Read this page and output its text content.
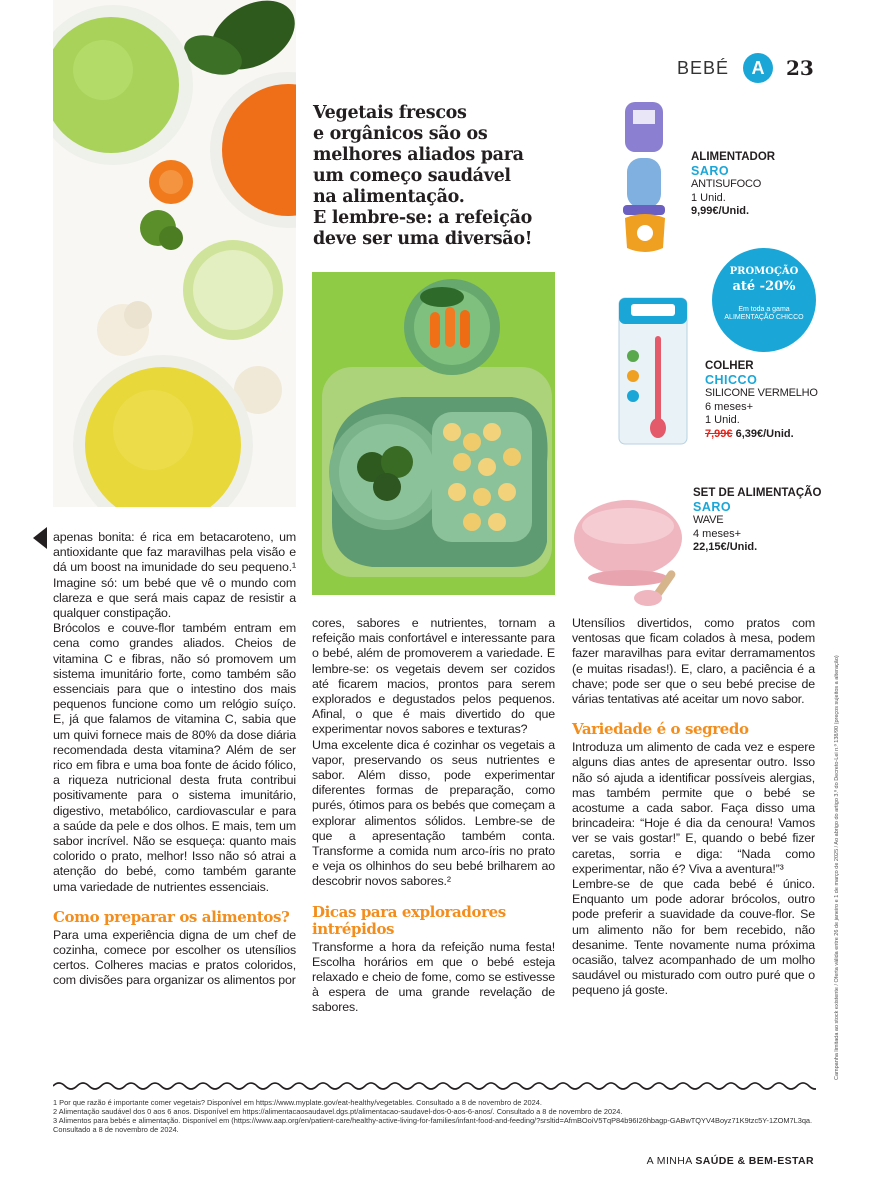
BEBÉ	A	23

Vegetais frescos

e orgânicos são os

melhores aliados para

um começo saudável

na alimentação.

E lembre-se: a refeição

deve ser uma diversão!

ALIMENTADOR
SARO
ANTISUFOCO
1 Unid.
9,99€/Unid.
PROMOÇÃO
até -20%
Em toda a gama ALIMENTAÇÃO CHICCO
COLHER
CHICCO
SILICONE VERMELHO
6 meses+
1 Unid.
7,99€ 6,39€/Unid.
SET DE ALIMENTAÇÃO
SARO
WAVE
4 meses+
22,15€/Unid.

apenas bonita: é rica em betacaroteno, um antioxidante que faz maravilhas pela visão e dá um boost na imunidade do seu pequeno.¹ Imagine só: um bebé que vê o mundo com clareza e que será mais capaz de resistir a qualquer constipação.

Brócolos e couve-flor também entram em cena como grandes aliados. Cheios de vitamina C e fibras, não só promovem um sistema imunitário forte, como também são essenciais para que o intestino dos mais pequenos funcione como um relógio suíço. E, já que falamos de vitamina C, sabia que um quivi fornece mais de 80% da dose diária recomendada desta vitamina? Além de ser rico em fibra e uma boa fonte de ácido fólico, a riqueza nutricional desta fruta contribui positivamente para o sistema imunitário, digestivo, metabólico, cardiovascular e para a saúde da pele e dos olhos. E mais, tem um sabor incrível. Não se esqueça: quanto mais colorido o prato, melhor! Isso não só atrai a atenção do bebé, como também garante uma variedade de nutrientes essenciais.

Como preparar os alimentos?

Para uma experiência digna de um chef de cozinha, comece por escolher os utensílios certos. Colheres macias e pratos coloridos, com divisões para organizar os alimentos por

cores, sabores e nutrientes, tornam a refeição mais confortável e interessante para o bebé, além de promoverem a variedade. E lembre-se: os vegetais devem ser cozidos até ficarem macios, prontos para serem explorados e degustados pelos pequenos. Afinal, o que é mais divertido do que experimentar novos sabores e texturas?

Uma excelente dica é cozinhar os vegetais a vapor, preservando os seus nutrientes e sabor. Além disso, pode experimentar diferentes formas de preparação, como purés, ótimos para os bebés que começam a explorar alimentos sólidos. Lembre-se de que a apresentação também conta. Transforme a comida num arco-íris no prato e veja os olhinhos do seu bebé brilharem ao descobrir novos sabores.²

Dicas para exploradores intrépidos

Transforme a hora da refeição numa festa! Escolha horários em que o bebé esteja relaxado e cheio de fome, como se estivesse à espera de uma grande revelação de sabores.

Utensílios divertidos, como pratos com ventosas que ficam colados à mesa, podem fazer maravilhas para evitar derramamentos (e muitas risadas!). E, claro, a paciência é a chave; pode ser que o seu bebé precise de várias tentativas até aceitar um novo sabor.

Variedade é o segredo

Introduza um alimento de cada vez e espere alguns dias antes de apresentar outro. Isso não só ajuda a identificar possíveis alergias, mas também permite que o bebé se acostume a cada sabor. Faça disso uma brincadeira: “Hoje é dia da cenoura! Vamos ver se vais gostar!” E, quando o bebé fizer caretas, sorria e diga: “Nada como experimentar, não é? Viva a aventura!”³

Lembre-se de que cada bebé é único. Enquanto um pode adorar brócolos, outro pode preferir a suavidade da couve-flor. Se um alimento não for bem recebido, não desanime. Tente novamente numa próxima ocasião, talvez acompanhado de um molho saudável ou misturado com outro puré que o pequeno já goste.

1 Por que razão é importante comer vegetais? Disponível em https://www.myplate.gov/eat-healthy/vegetables. Consultado a 8 de novembro de 2024.

2 Alimentação saudável dos 0 aos 6 anos. Disponível em https://alimentacaosaudavel.dgs.pt/alimentacao-saudavel-dos-0-aos-6-anos/. Consultado a 8 de novembro de 2024.

3 Alimentos para bebés e alimentação. Disponível em (https://www.aap.org/en/patient-care/healthy-active-living-for-families/infant-food-and-feeding/?srsltid=AfmBOoiV5TqP84b96I26hbagp-GABwTQYV4Boyz71K9tzc5Y-1ZOM7L3qa. Consultado a 8 de novembro de 2024.

A MINHA SAÚDE & BEM-ESTAR
Campanha limitada ao stock existente / Oferta válida entre 26 de janeiro e 1 de março de 2025 / Ao abrigo do artigo 3.º do Decreto-Lei n.º 138/90 (preços sujeitos a alteração)
